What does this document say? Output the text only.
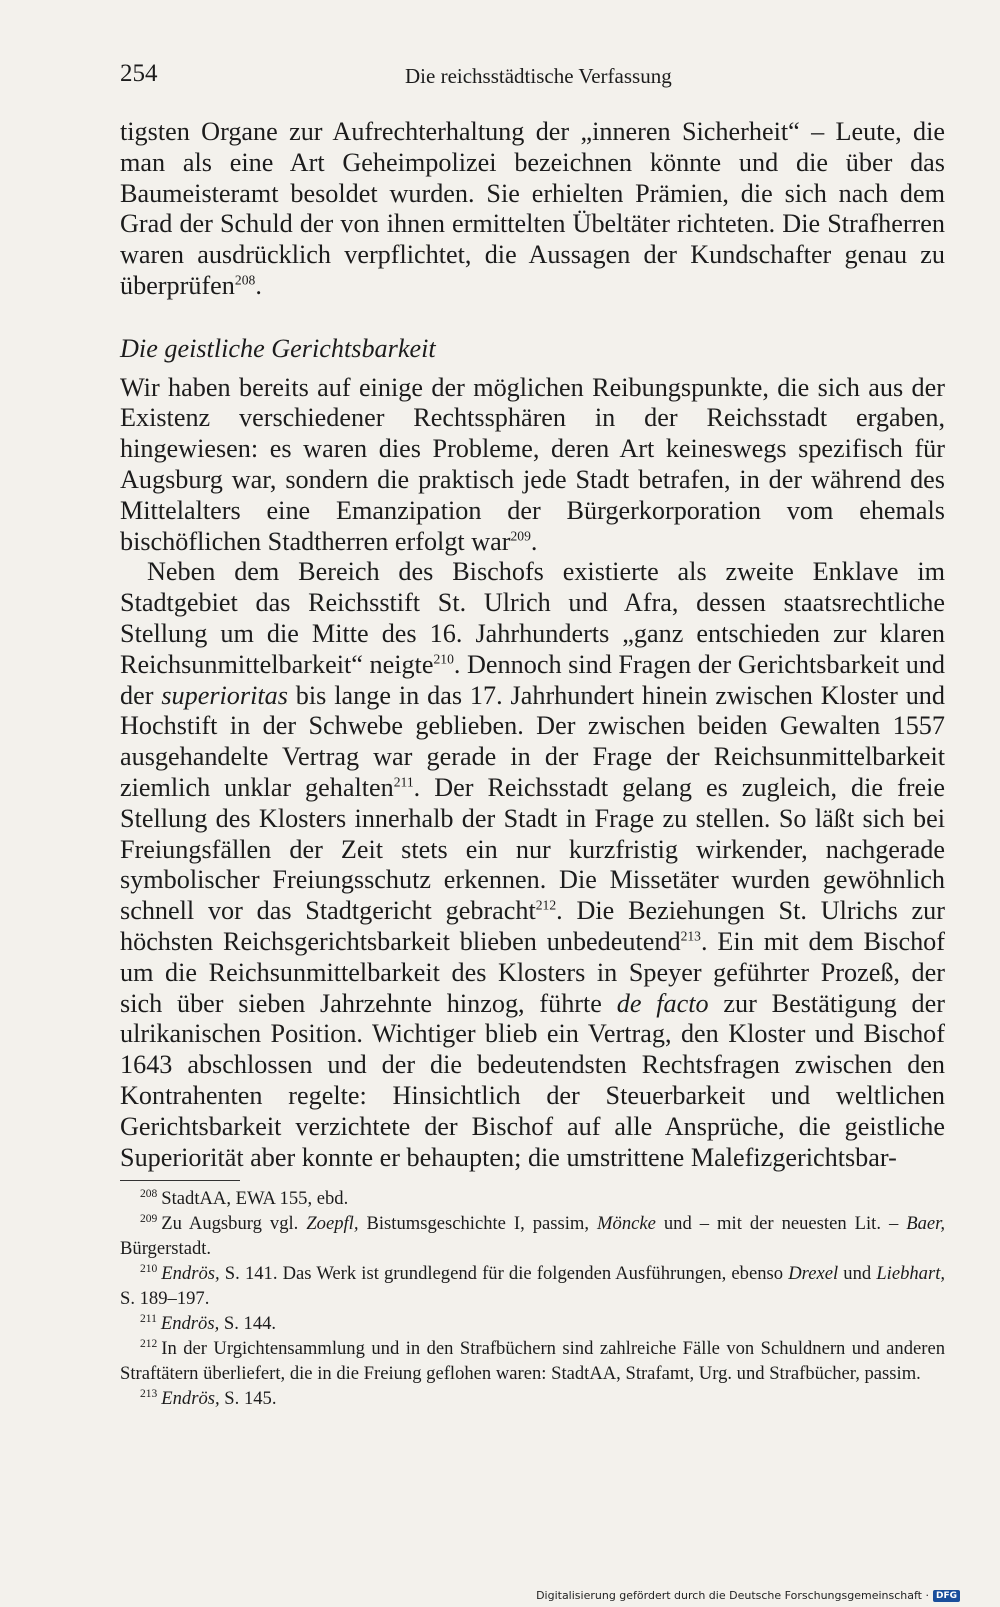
254	Die reichsstädtische Verfassung

tigsten Organe zur Aufrechterhaltung der „inneren Sicherheit“ – Leute, die man als eine Art Geheimpolizei bezeichnen könnte und die über das Baumeisteramt besoldet wurden. Sie erhielten Prämien, die sich nach dem Grad der Schuld der von ihnen ermittelten Übeltäter richteten. Die Strafherren waren ausdrücklich verpflichtet, die Aussagen der Kundschafter genau zu überprüfen$^{208}$.

Die geistliche Gerichtsbarkeit

Wir haben bereits auf einige der möglichen Reibungspunkte, die sich aus der Existenz verschiedener Rechtssphären in der Reichsstadt ergaben, hingewiesen: es waren dies Probleme, deren Art keineswegs spezifisch für Augsburg war, sondern die praktisch jede Stadt betrafen, in der während des Mittelalters eine Emanzipation der Bürgerkorporation vom ehemals bischöflichen Stadtherren erfolgt war$^{209}$.

Neben dem Bereich des Bischofs existierte als zweite Enklave im Stadtgebiet das Reichsstift St. Ulrich und Afra, dessen staatsrechtliche Stellung um die Mitte des 16. Jahrhunderts „ganz entschieden zur klaren Reichsunmittelbarkeit“ neigte$^{210}$. Dennoch sind Fragen der Gerichtsbarkeit und der superioritas bis lange in das 17. Jahrhundert hinein zwischen Kloster und Hochstift in der Schwebe geblieben. Der zwischen beiden Gewalten 1557 ausgehandelte Vertrag war gerade in der Frage der Reichsunmittelbarkeit ziemlich unklar gehalten$^{211}$. Der Reichsstadt gelang es zugleich, die freie Stellung des Klosters innerhalb der Stadt in Frage zu stellen. So läßt sich bei Freiungsfällen der Zeit stets ein nur kurzfristig wirkender, nachgerade symbolischer Freiungsschutz erkennen. Die Missetäter wurden gewöhnlich schnell vor das Stadtgericht gebracht$^{212}$. Die Beziehungen St. Ulrichs zur höchsten Reichsgerichtsbarkeit blieben unbedeutend$^{213}$. Ein mit dem Bischof um die Reichsunmittelbarkeit des Klosters in Speyer geführter Prozeß, der sich über sieben Jahrzehnte hinzog, führte de facto zur Bestätigung der ulrikanischen Position. Wichtiger blieb ein Vertrag, den Kloster und Bischof 1643 abschlossen und der die bedeutendsten Rechtsfragen zwischen den Kontrahenten regelte: Hinsichtlich der Steuerbarkeit und weltlichen Gerichtsbarkeit verzichtete der Bischof auf alle Ansprüche, die geistliche Superiorität aber konnte er behaupten; die umstrittene Malefizgerichtsbar-

$^{208}$ StadtAA, EWA 155, ebd.
$^{209}$ Zu Augsburg vgl. Zoepfl, Bistumsgeschichte I, passim, Möncke und – mit der neuesten Lit. – Baer, Bürgerstadt.
$^{210}$ Endrös, S. 141. Das Werk ist grundlegend für die folgenden Ausführungen, ebenso Drexel und Liebhart, S. 189–197.
$^{211}$ Endrös, S. 144.
$^{212}$ In der Urgichtensammlung und in den Strafbüchern sind zahlreiche Fälle von Schuldnern und anderen Straftätern überliefert, die in die Freiung geflohen waren: StadtAA, Strafamt, Urg. und Strafbücher, passim.
$^{213}$ Endrös, S. 145.
Digitalisierung gefördert durch die Deutsche Forschungsgemeinschaft · DFG
